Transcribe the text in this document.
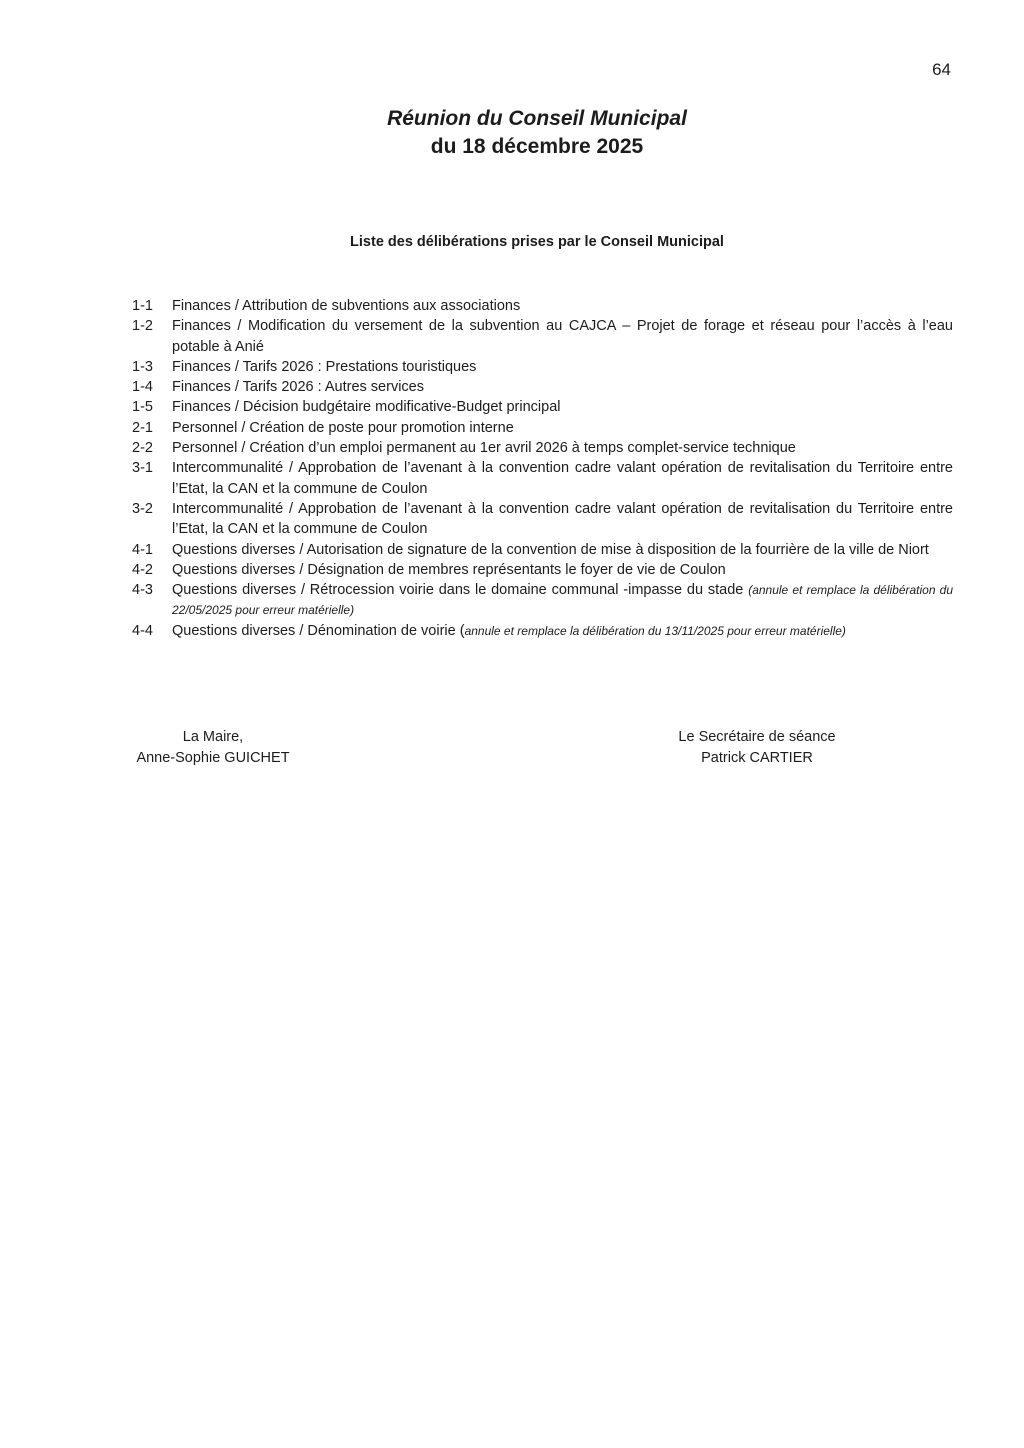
64
Réunion du Conseil Municipal
du 18 décembre 2025
Liste des délibérations prises par le Conseil Municipal
1-1	Finances / Attribution de subventions aux associations
1-2	Finances / Modification du versement de la subvention au CAJCA – Projet de forage et réseau pour l’accès à l’eau potable à Anié
1-3	Finances / Tarifs 2026 : Prestations touristiques
1-4	Finances / Tarifs 2026 : Autres services
1-5	Finances / Décision budgétaire modificative-Budget principal
2-1	Personnel / Création de poste pour promotion interne
2-2	Personnel / Création d’un emploi permanent au 1er avril 2026 à temps complet-service technique
3-1	Intercommunalité / Approbation de l’avenant à la convention cadre valant opération de revitalisation du Territoire entre l’Etat, la CAN et la commune de Coulon
3-2	Intercommunalité / Approbation de l’avenant à la convention cadre valant opération de revitalisation du Territoire entre l’Etat, la CAN et la commune de Coulon
4-1	Questions diverses / Autorisation de signature de la convention de mise à disposition de la fourrière de la ville de Niort
4-2	Questions diverses / Désignation de membres représentants le foyer de vie de Coulon
4-3	Questions diverses / Rétrocession voirie dans le domaine communal -impasse du stade (annule et remplace la délibération du 22/05/2025 pour erreur matérielle)
4-4	Questions diverses / Dénomination de voirie (annule et remplace la délibération du 13/11/2025 pour erreur matérielle)
La Maire,
Anne-Sophie GUICHET
Le Secrétaire de séance
Patrick CARTIER
